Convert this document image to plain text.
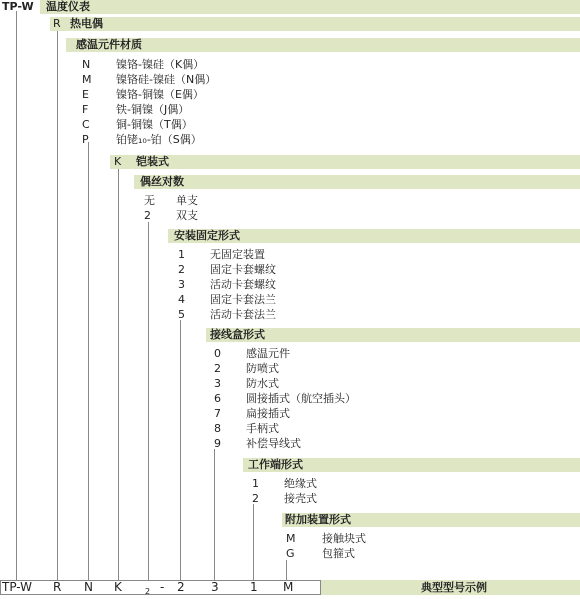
TP-W 温度仪表
R 热电偶
感温元件材质
N 镍铬-镍硅（K偶）
M 镍铬硅-镍硅（N偶）
E 镍铬-铜镍（E偶）
F	铁-铜镍（J偶）
C 铜-铜镍（T偶）
P 铂铑₁₀-铂（S偶）
K 铠装式
偶丝对数
无 单支
2 双支
安装固定形式
1 无固定装置
2 固定卡套螺纹
3 活动卡套螺纹
4 固定卡套法兰
5 活动卡套法兰
接线盒形式
0 感温元件
2 防喷式
3 防水式
6 圆接插式（航空插头）
7 扁接插式
8 手柄式
9 补偿导线式
工作端形式
1 绝缘式
2 接壳式
附加装置形式
M 接触块式
G 包箍式
TP-W R N K	2 - 2 3	1 M	典型型号示例
